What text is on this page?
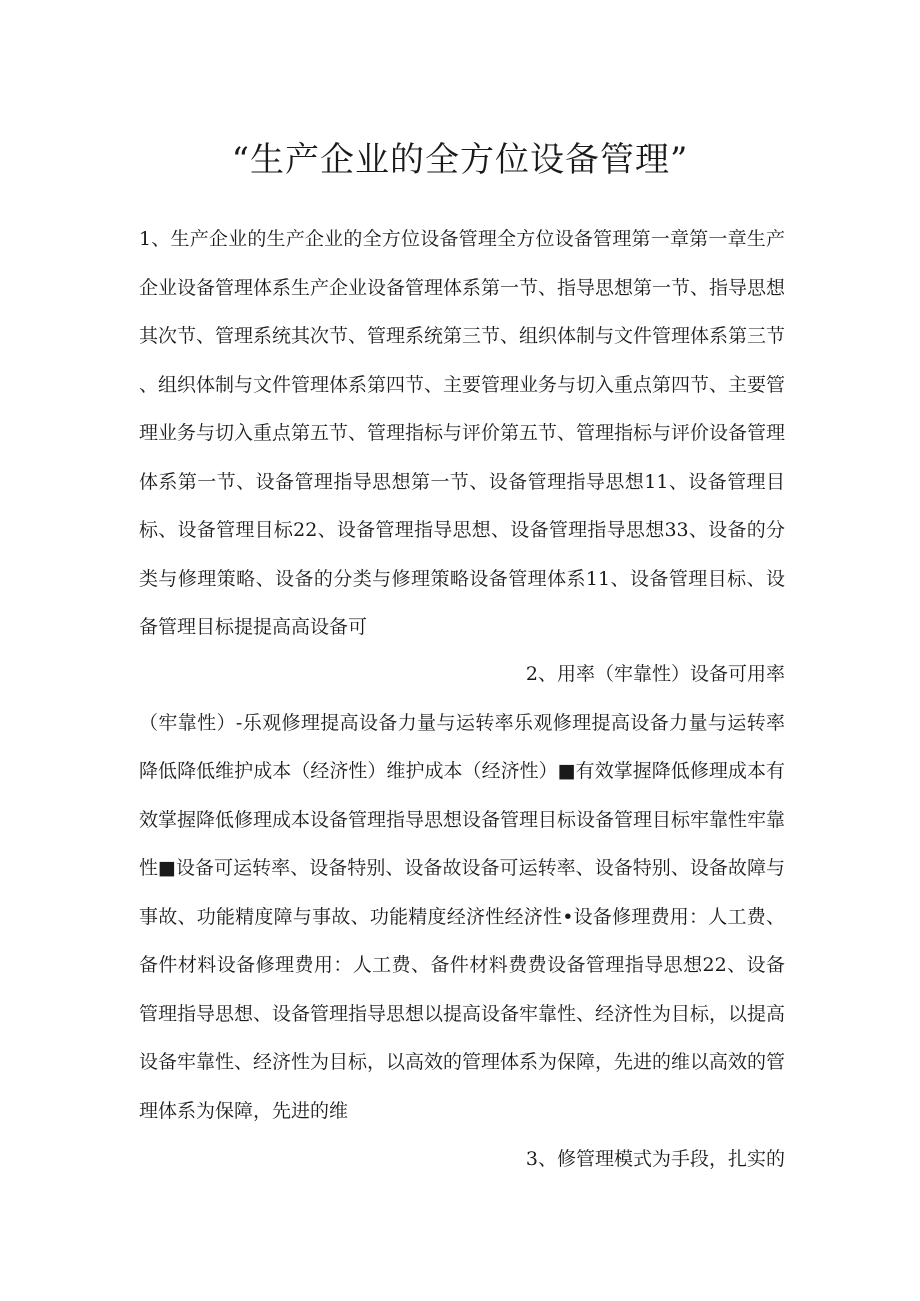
“生产企业的全方位设备管理”

1、生产企业的生产企业的全方位设备管理全方位设备管理第一章第一章生产企业设备管理体系生产企业设备管理体系第一节、指导思想第一节、指导思想其次节、管理系统其次节、管理系统第三节、组织体制与文件管理体系第三节、组织体制与文件管理体系第四节、主要管理业务与切入重点第四节、主要管理业务与切入重点第五节、管理指标与评价第五节、管理指标与评价设备管理体系第一节、设备管理指导思想第一节、设备管理指导思想11、设备管理目标、设备管理目标22、设备管理指导思想、设备管理指导思想33、设备的分类与修理策略、设备的分类与修理策略设备管理体系11、设备管理目标、设备管理目标提提高高设备可

2、用率（牢靠性）设备可用率
（牢靠性）-乐观修理提高设备力量与运转率乐观修理提高设备力量与运转率降低降低维护成本（经济性）维护成本（经济性）■有效掌握降低修理成本有效掌握降低修理成本设备管理指导思想设备管理目标设备管理目标牢靠性牢靠性■设备可运转率、设备特别、设备故设备可运转率、设备特别、设备故障与事故、功能精度障与事故、功能精度经济性经济性•设备修理费用：人工费、备件材料设备修理费用：人工费、备件材料费费设备管理指导思想22、设备管理指导思想、设备管理指导思想以提高设备牢靠性、经济性为目标，以提高设备牢靠性、经济性为目标，以高效的管理体系为保障，先进的维以高效的管理体系为保障，先进的维
3、修管理模式为手段，扎实的
